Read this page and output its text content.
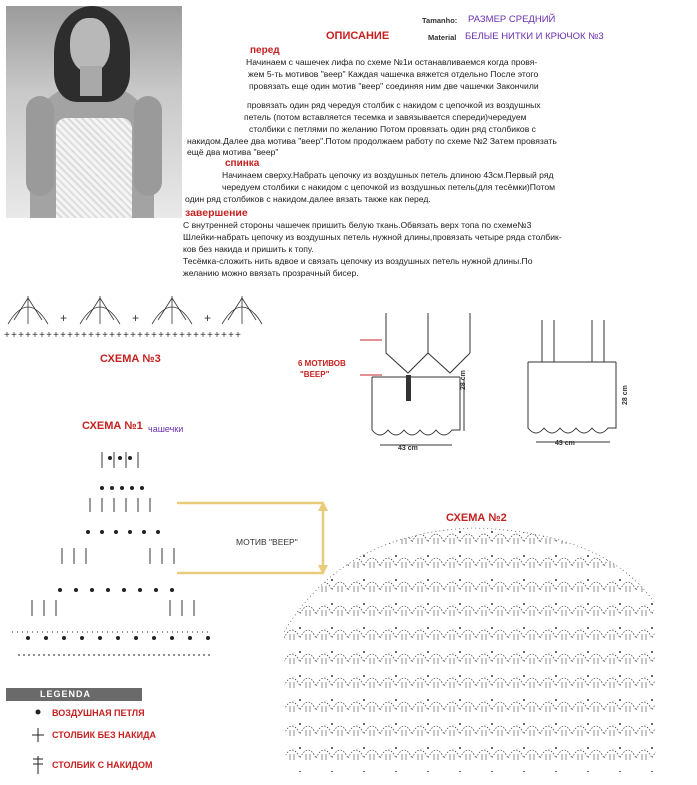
ОПИСАНИЕ
Tamanho: РАЗМЕР СРЕДНИЙ
Material БЕЛЫЕ НИТКИ И КРЮЧОК №3
перед
Начинаем с чашечек лифа по схеме №1и останавливаемся когда провя-
жем 5-ть мотивов "веер" Каждая чашечка вяжется отдельно После этого
провязать еще один мотив "веер" соединяя ним две чашечки Закончили
провязать один ряд чередуя столбик с накидом с цепочкой из воздушных
петель (потом вставляется тесемка и завязывается спереди)чередуем
столбики с петлями по желанию Потом провязать один ряд столбиков с
накидом.Далее два мотива "веер".Потом продолжаем работу по схеме №2 Затем провязать
ещё два мотива "веер"
спинка
Начинаем сверху.Набрать цепочку из воздушных петель длиною 43см.Первый ряд
чередуем столбики с накидом с цепочкой из воздушных петель(для тесёмки)Потом
один ряд столбиков с накидом.далее вязать также как перед.
завершение
С внутренней стороны чашечек пришить белую ткань.Обвязать верх топа по схеме№3
Шлейки-набрать цепочку из воздушных петель нужной длины,провязать четыре ряда столбик-
ков без накида и пришить к топу.
Тесёмка-сложить нить вдвое и связать цепочку из воздушных петель нужной длины.По
желанию можно ввязать прозрачный бисер.
+	+	+
++++++++++++++++++++++++++++++++++
СХЕМА №3	6 МОТИВОВ
"ВЕЕР"	28 cm
43 cm
28 cm
43 cm
СХЕМА №1 чашечки
МОТИВ "ВЕЕР"
СХЕМА №2
LEGENDA
ВОЗДУШНАЯ ПЕТЛЯ
СТОЛБИК БЕЗ НАКИДА
СТОЛБИК С НАКИДОМ
